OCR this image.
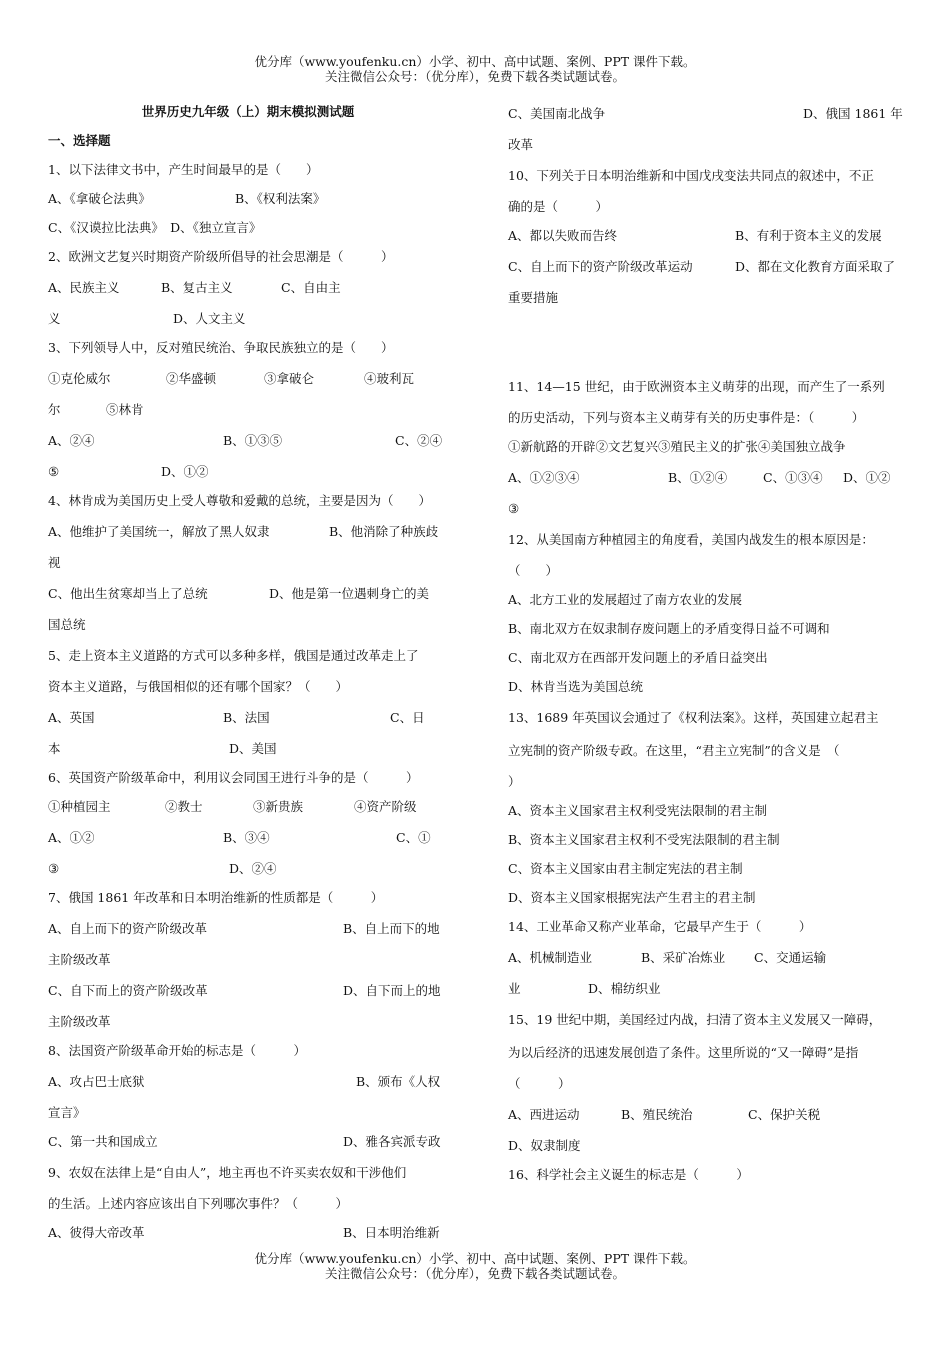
优分库（www.youfenku.cn）小学、初中、高中试题、案例、PPT 课件下载。
关注微信公众号：（优分库），免费下载各类试题试卷。
世界历史九年级（上）期末模拟测试题
一、选择题
1、以下法律文书中，产生时间最早的是（　　）
A、《拿破仑法典》	B、《权利法案》
C、《汉谟拉比法典》　D、《独立宣言》
2、欧洲文艺复兴时期资产阶级所倡导的社会思潮是（　　　）
A、民族主义	B、复古主义	C、自由主
义	D、人文主义
3、下列领导人中，反对殖民统治、争取民族独立的是（　　）
①克伦威尔	②华盛顿	③拿破仑	④玻利瓦
尔	⑤林肯
A、②④	B、①③⑤	C、②④
⑤	D、①②
4、林肯成为美国历史上受人尊敬和爱戴的总统，主要是因为（　　）
A、他维护了美国统一，解放了黑人奴隶	B、他消除了种族歧
视
C、他出生贫寒却当上了总统	D、他是第一位遇刺身亡的美
国总统
5、走上资本主义道路的方式可以多种多样，俄国是通过改革走上了
资本主义道路，与俄国相似的还有哪个国家？（　　）
A、英国	B、法国	C、日
本	D、美国
6、英国资产阶级革命中，利用议会同国王进行斗争的是（　　　）
①种植园主	②教士	③新贵族	④资产阶级
A、①②	B、③④	C、①
③	D、②④
7、俄国 1861 年改革和日本明治维新的性质都是（　　　）
A、自上而下的资产阶级改革	B、自上而下的地
主阶级改革
C、自下而上的资产阶级改革	D、自下而上的地
主阶级改革
8、法国资产阶级革命开始的标志是（　　　）
A、攻占巴士底狱	B、颁布《人权
宣言》
C、第一共和国成立	D、雅各宾派专政
9、农奴在法律上是“自由人”，地主再也不许买卖农奴和干涉他们
的生活。上述内容应该出自下列哪次事件？（　　　）
A、彼得大帝改革	B、日本明治维新
C、美国南北战争	D、俄国 1861 年
改革
10、下列关于日本明治维新和中国戊戌变法共同点的叙述中，不正
确的是（　　　）
A、都以失败而告终	B、有利于资本主义的发展
C、自上而下的资产阶级改革运动	D、都在文化教育方面采取了
重要措施
11、14—15 世纪，由于欧洲资本主义萌芽的出现，而产生了一系列
的历史活动，下列与资本主义萌芽有关的历史事件是：（　　　）
①新航路的开辟②文艺复兴③殖民主义的扩张④美国独立战争
A、①②③④	B、①②④	C、①③④	D、①②
③
12、从美国南方种植园主的角度看，美国内战发生的根本原因是：
（　　）
A、北方工业的发展超过了南方农业的发展
B、南北双方在奴隶制存废问题上的矛盾变得日益不可调和
C、南北双方在西部开发问题上的矛盾日益突出
D、林肯当选为美国总统
13、1689 年英国议会通过了《权利法案》。这样，英国建立起君主
立宪制的资产阶级专政。在这里，“君主立宪制”的含义是　（
）
A、资本主义国家君主权利受宪法限制的君主制
B、资本主义国家君主权利不受宪法限制的君主制
C、资本主义国家由君主制定宪法的君主制
D、资本主义国家根据宪法产生君主的君主制
14、工业革命又称产业革命，它最早产生于（　　　）
A、机械制造业	B、采矿冶炼业	C、交通运输
业	D、棉纺织业
15、19 世纪中期，美国经过内战，扫清了资本主义发展又一障碍，
为以后经济的迅速发展创造了条件。这里所说的“又一障碍”是指
（　　　）
A、西进运动	B、殖民统治	C、保护关税
D、奴隶制度
16、科学社会主义诞生的标志是（　　　）
优分库（www.youfenku.cn）小学、初中、高中试题、案例、PPT 课件下载。
关注微信公众号：（优分库），免费下载各类试题试卷。
